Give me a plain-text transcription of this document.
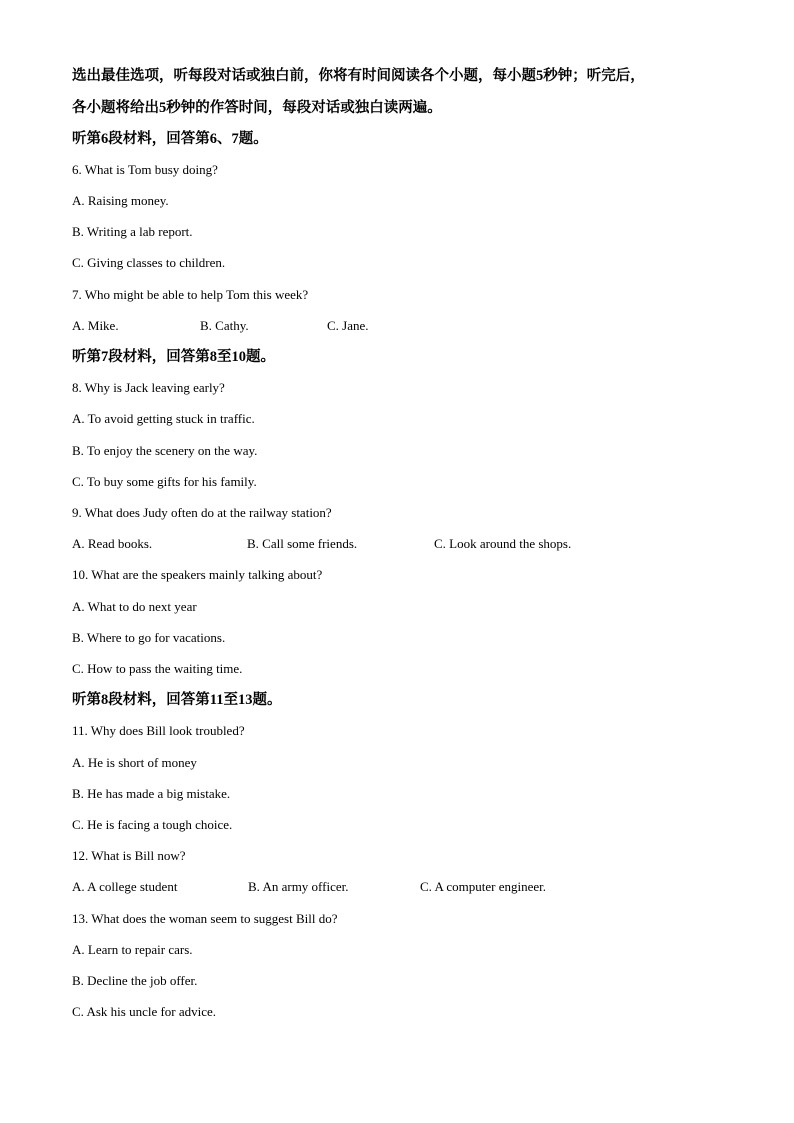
选出最佳选项，听每段对话或独白前，你将有时间阅读各个小题，每小题5秒钟；听完后，
各小题将给出5秒钟的作答时间，每段对话或独白读两遍。
听第6段材料，回答第6、7题。
6. What is Tom busy doing?
A. Raising money.
B. Writing a lab report.
C. Giving classes to children.
7. Who might be able to help Tom this week?
A. Mike.	B. Cathy.	C. Jane.
听第7段材料，回答第8至10题。
8. Why is Jack leaving early?
A. To avoid getting stuck in traffic.
B. To enjoy the scenery on the way.
C. To buy some gifts for his family.
9. What does Judy often do at the railway station?
A. Read books.	B. Call some friends.	C. Look around the shops.
10. What are the speakers mainly talking about?
A. What to do next year
B. Where to go for vacations.
C. How to pass the waiting time.
听第8段材料，回答第11至13题。
11. Why does Bill look troubled?
A. He is short of money
B. He has made a big mistake.
C. He is facing a tough choice.
12. What is Bill now?
A. A college student	B. An army officer.	C. A computer engineer.
13. What does the woman seem to suggest Bill do?
A. Learn to repair cars.
B. Decline the job offer.
C. Ask his uncle for advice.
